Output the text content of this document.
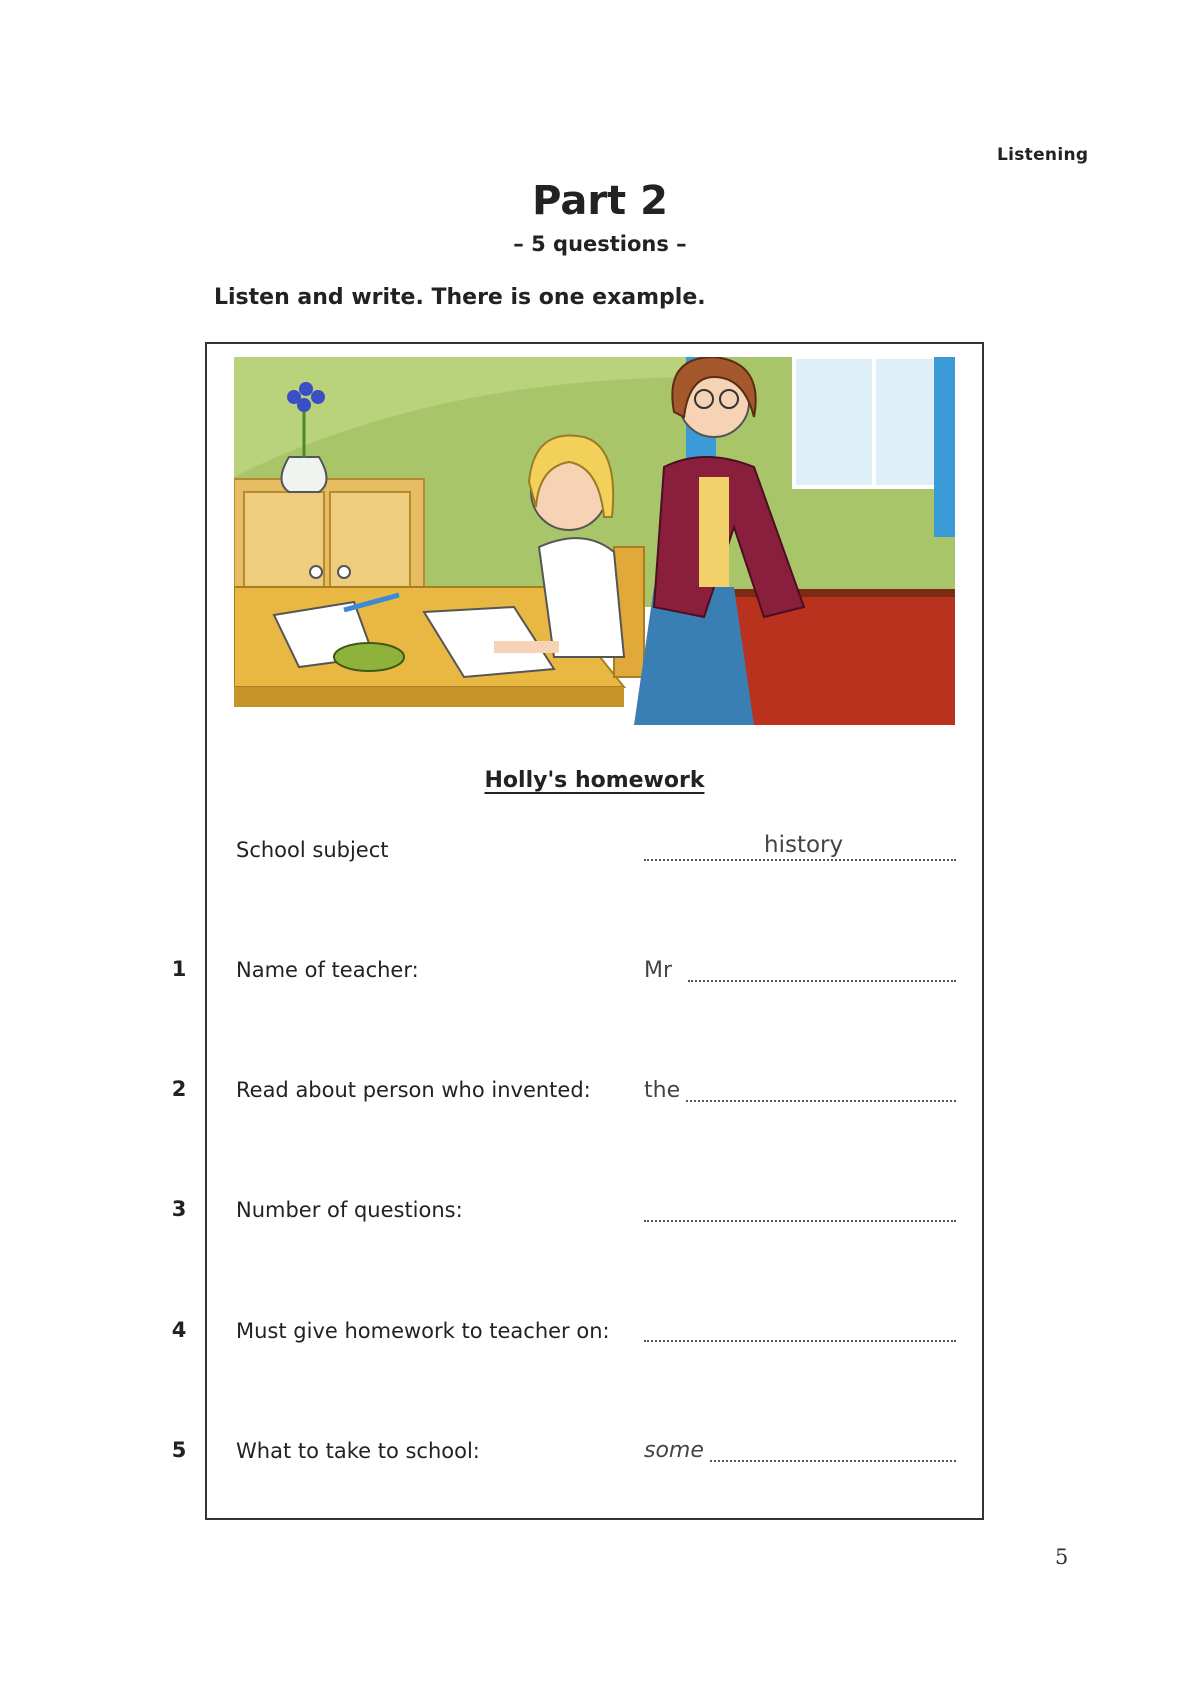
Listening
Part 2
– 5 questions –
Listen and write. There is one example.
Holly's homework
School subject	history
1	Name of teacher:	Mr
2	Read about person who invented: the
3	Number of questions:
4	Must give homework to teacher on:
5	What to take to school:	some
5
